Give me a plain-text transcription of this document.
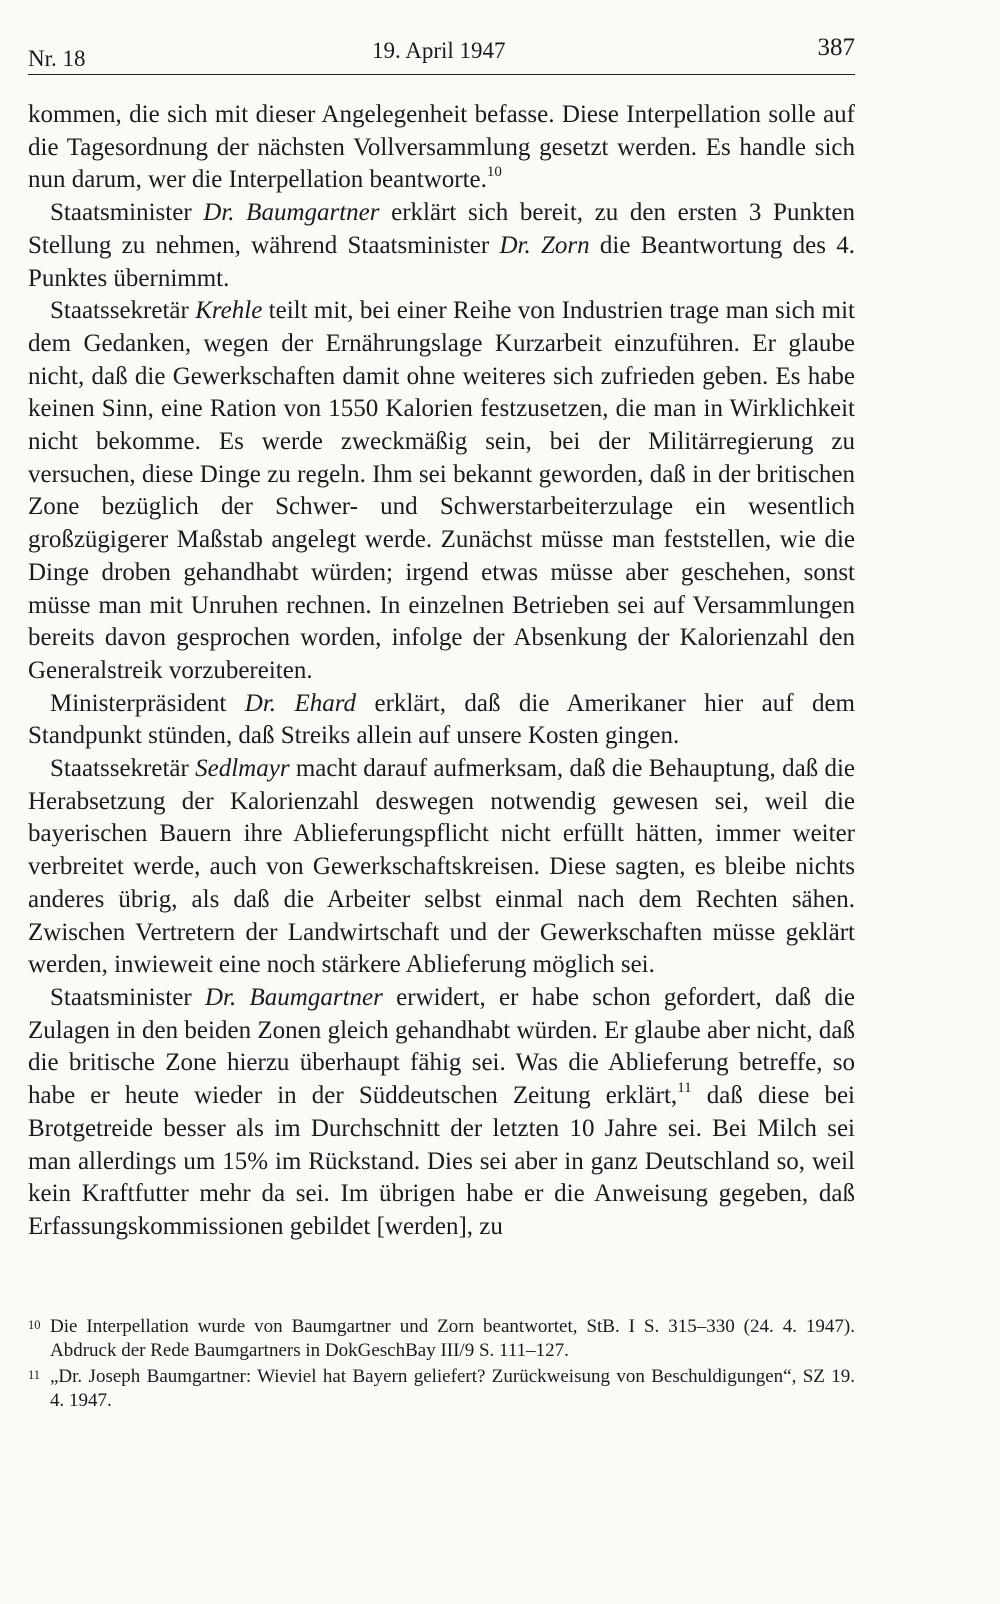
Nr. 18	19. April 1947	387

kommen, die sich mit dieser Angelegenheit befasse. Diese Interpellation solle auf die Tagesordnung der nächsten Vollversammlung gesetzt werden. Es handle sich nun darum, wer die Interpellation beantworte.$^{10}$

Staatsminister Dr. Baumgartner erklärt sich bereit, zu den ersten 3 Punkten Stellung zu nehmen, während Staatsminister Dr. Zorn die Beantwortung des 4. Punktes übernimmt.

Staatssekretär Krehle teilt mit, bei einer Reihe von Industrien trage man sich mit dem Gedanken, wegen der Ernährungslage Kurzarbeit einzuführen. Er glaube nicht, daß die Gewerkschaften damit ohne weiteres sich zufrieden geben. Es habe keinen Sinn, eine Ration von 1550 Kalorien festzusetzen, die man in Wirklichkeit nicht bekomme. Es werde zweckmäßig sein, bei der Militärregierung zu versuchen, diese Dinge zu regeln. Ihm sei bekannt geworden, daß in der britischen Zone bezüglich der Schwer- und Schwerstarbeiterzulage ein wesentlich großzügigerer Maßstab angelegt werde. Zunächst müsse man feststellen, wie die Dinge droben gehandhabt würden; irgend etwas müsse aber geschehen, sonst müsse man mit Unruhen rechnen. In einzelnen Betrieben sei auf Versammlungen bereits davon gesprochen worden, infolge der Absenkung der Kalorienzahl den Generalstreik vorzubereiten.

Ministerpräsident Dr. Ehard erklärt, daß die Amerikaner hier auf dem Standpunkt stünden, daß Streiks allein auf unsere Kosten gingen.

Staatssekretär Sedlmayr macht darauf aufmerksam, daß die Behauptung, daß die Herabsetzung der Kalorienzahl deswegen notwendig gewesen sei, weil die bayerischen Bauern ihre Ablieferungspflicht nicht erfüllt hätten, immer weiter verbreitet werde, auch von Gewerkschaftskreisen. Diese sagten, es bleibe nichts anderes übrig, als daß die Arbeiter selbst einmal nach dem Rechten sähen. Zwischen Vertretern der Landwirtschaft und der Gewerkschaften müsse geklärt werden, inwieweit eine noch stärkere Ablieferung möglich sei.

Staatsminister Dr. Baumgartner erwidert, er habe schon gefordert, daß die Zulagen in den beiden Zonen gleich gehandhabt würden. Er glaube aber nicht, daß die britische Zone hierzu überhaupt fähig sei. Was die Ablieferung betreffe, so habe er heute wieder in der Süddeutschen Zeitung erklärt,$^{11}$ daß diese bei Brotgetreide besser als im Durchschnitt der letzten 10 Jahre sei. Bei Milch sei man allerdings um 15% im Rückstand. Dies sei aber in ganz Deutschland so, weil kein Kraftfutter mehr da sei. Im übrigen habe er die Anweisung gegeben, daß Erfassungskommissionen gebildet [werden], zu

10 Die Interpellation wurde von Baumgartner und Zorn beantwortet, StB. I S. 315–330 (24. 4. 1947). Abdruck der Rede Baumgartners in DokGeschBay III/9 S. 111–127.
11 „Dr. Joseph Baumgartner: Wieviel hat Bayern geliefert? Zurückweisung von Beschuldigungen“, SZ 19. 4. 1947.
